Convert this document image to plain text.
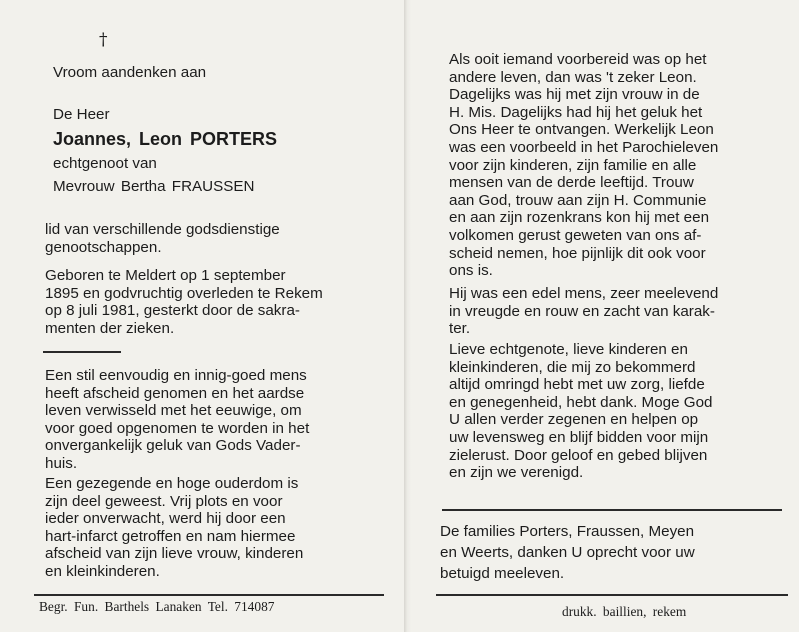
†
Vroom aandenken aan
De Heer
Joannes, Leon PORTERS
echtgenoot van
Mevrouw Bertha FRAUSSEN

lid van verschillende godsdienstige

genootschappen.

Geboren te Meldert op 1 september

1895 en godvruchtig overleden te Rekem

op 8 juli 1981, gesterkt door de sakra-

menten der zieken.

Een stil eenvoudig en innig-goed mens

heeft afscheid genomen en het aardse

leven verwisseld met het eeuwige, om

voor goed opgenomen te worden in het

onvergankelijk geluk van Gods Vader-

huis.

Een gezegende en hoge ouderdom is

zijn deel geweest. Vrij plots en voor

ieder onverwacht, werd hij door een

hart-infarct getroffen en nam hiermee

afscheid van zijn lieve vrouw, kinderen

en kleinkinderen.

Begr. Fun. Barthels Lanaken Tel. 714087

Als ooit iemand voorbereid was op het

andere leven, dan was 't zeker Leon.

Dagelijks was hij met zijn vrouw in de

H. Mis. Dagelijks had hij het geluk het

Ons Heer te ontvangen. Werkelijk Leon

was een voorbeeld in het Parochieleven

voor zijn kinderen, zijn familie en alle

mensen van de derde leeftijd. Trouw

aan God, trouw aan zijn H. Communie

en aan zijn rozenkrans kon hij met een

volkomen gerust geweten van ons af-

scheid nemen, hoe pijnlijk dit ook voor

ons is.

Hij was een edel mens, zeer meelevend

in vreugde en rouw en zacht van karak-

ter.

Lieve echtgenote, lieve kinderen en

kleinkinderen, die mij zo bekommerd

altijd omringd hebt met uw zorg, liefde

en genegenheid, hebt dank. Moge God

U allen verder zegenen en helpen op

uw levensweg en blijf bidden voor mijn

zielerust. Door geloof en gebed blijven

en zijn we verenigd.

De families Porters, Fraussen, Meyen

en Weerts, danken U oprecht voor uw

betuigd meeleven.

drukk. baillien, rekem
